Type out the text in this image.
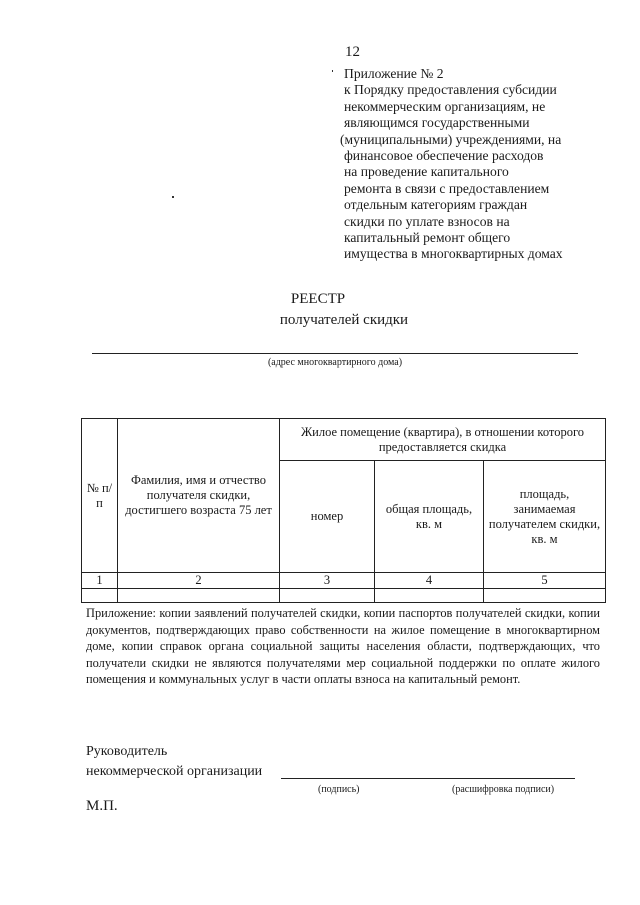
12
Приложение № 2
к Порядку предоставления субсидии
некоммерческим организациям, не
являющимся государственными
(муниципальными) учреждениями, на
финансовое обеспечение расходов
на проведение капитального
ремонта в связи с предоставлением
отдельным категориям граждан
скидки по уплате взносов на
капитальный ремонт общего
имущества в многоквартирных домах
РЕЕСТР
получателей скидки
(адрес многоквартирного дома)
№ п/п	Фамилия, имя и отчество получателя скидки, достигшего возраста 75 лет	Жилое помещение (квартира), в отношении которого предоставляется скидка		
		номер	общая площадь, кв. м	площадь, занимаемая получателем скидки, кв. м
1	2	3	4	5

Приложение: копии заявлений получателей скидки, копии паспортов получателей скидки, копии документов, подтверждающих право собственности на жилое помещение в многоквартирном доме, копии справок органа социальной защиты населения области, подтверждающих, что получатели скидки не являются получателями мер социальной поддержки по оплате жилого помещения и коммунальных услуг в части оплаты взноса на капитальный ремонт.
Руководитель
некоммерческой организации
(подпись)	(расшифровка подписи)
М.П.
